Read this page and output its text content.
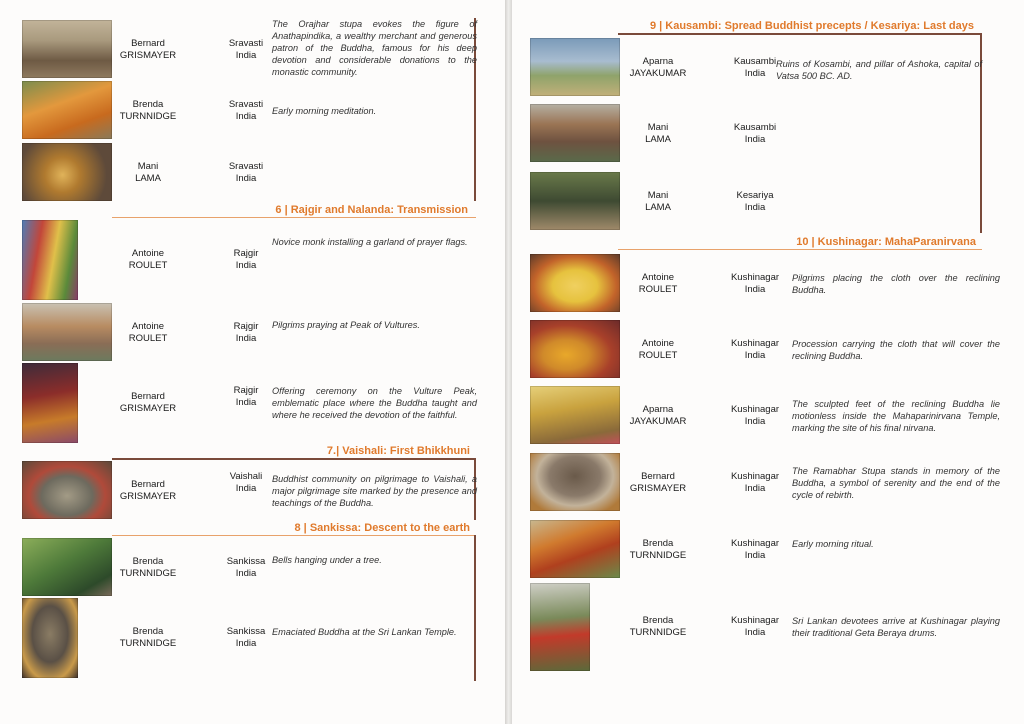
Bernard
GRISMAYER
Sravasti
India
The Orajhar stupa evokes the figure of Anathapindika, a wealthy merchant and generous patron of the Buddha, famous for his deep devotion and considerable donations to the monastic community.
Brenda
TURNNIDGE
Sravasti
India Early morning meditation.
Mani
LAMA
Sravasti
India
6 | Rajgir and Nalanda: Transmission
Antoine
ROULET
Rajgir
India
Novice monk installing a garland of prayer flags.
Antoine
ROULET
Rajgir
India
Pilgrims praying at Peak of Vultures.
Bernard
GRISMAYER
Rajgir
India
Offering ceremony on the Vulture Peak, emblematic place where the Buddha taught and where he received the devotion of the faithful.
7.| Vaishali: First Bhikkhuni
Bernard
GRISMAYER
Vaishali
India
Buddhist community on pilgrimage to Vaishali, a major pilgrimage site marked by the presence and teachings of the Buddha.
8 | Sankissa: Descent to the earth
Brenda
TURNNIDGE
Sankissa
India
Bells hanging under a tree.
Brenda
TURNNIDGE
Sankissa
India
Emaciated Buddha at the Sri Lankan Temple.
9 | Kausambi: Spread Buddhist precepts / Kesariya: Last days
Aparna
JAYAKUMAR
Kausambi
India
Ruins of Kosambi, and pillar of Ashoka, capital of Vatsa 500 BC. AD.
Mani
LAMA
Kausambi
India
Mani
LAMA
Kesariya
India
10 | Kushinagar: MahaParanirvana
Antoine
ROULET
Kushinagar
India
Pilgrims placing the cloth over the reclining Buddha.
Antoine
ROULET
Kushinagar
India
Procession carrying the cloth that will cover the reclining Buddha.
Aparna
JAYAKUMAR
Kushinagar
India
The sculpted feet of the reclining Buddha lie motionless inside the Mahaparinirvana Temple, marking the site of his final nirvana.
Bernard
GRISMAYER
Kushinagar
India
The Ramabhar Stupa stands in memory of the Buddha, a symbol of serenity and the end of the cycle of rebirth.
Brenda
TURNNIDGE
Kushinagar
India
Early morning ritual.
Brenda
TURNNIDGE
Kushinagar
India
Sri Lankan devotees arrive at Kushinagar playing their traditional Geta Beraya drums.
